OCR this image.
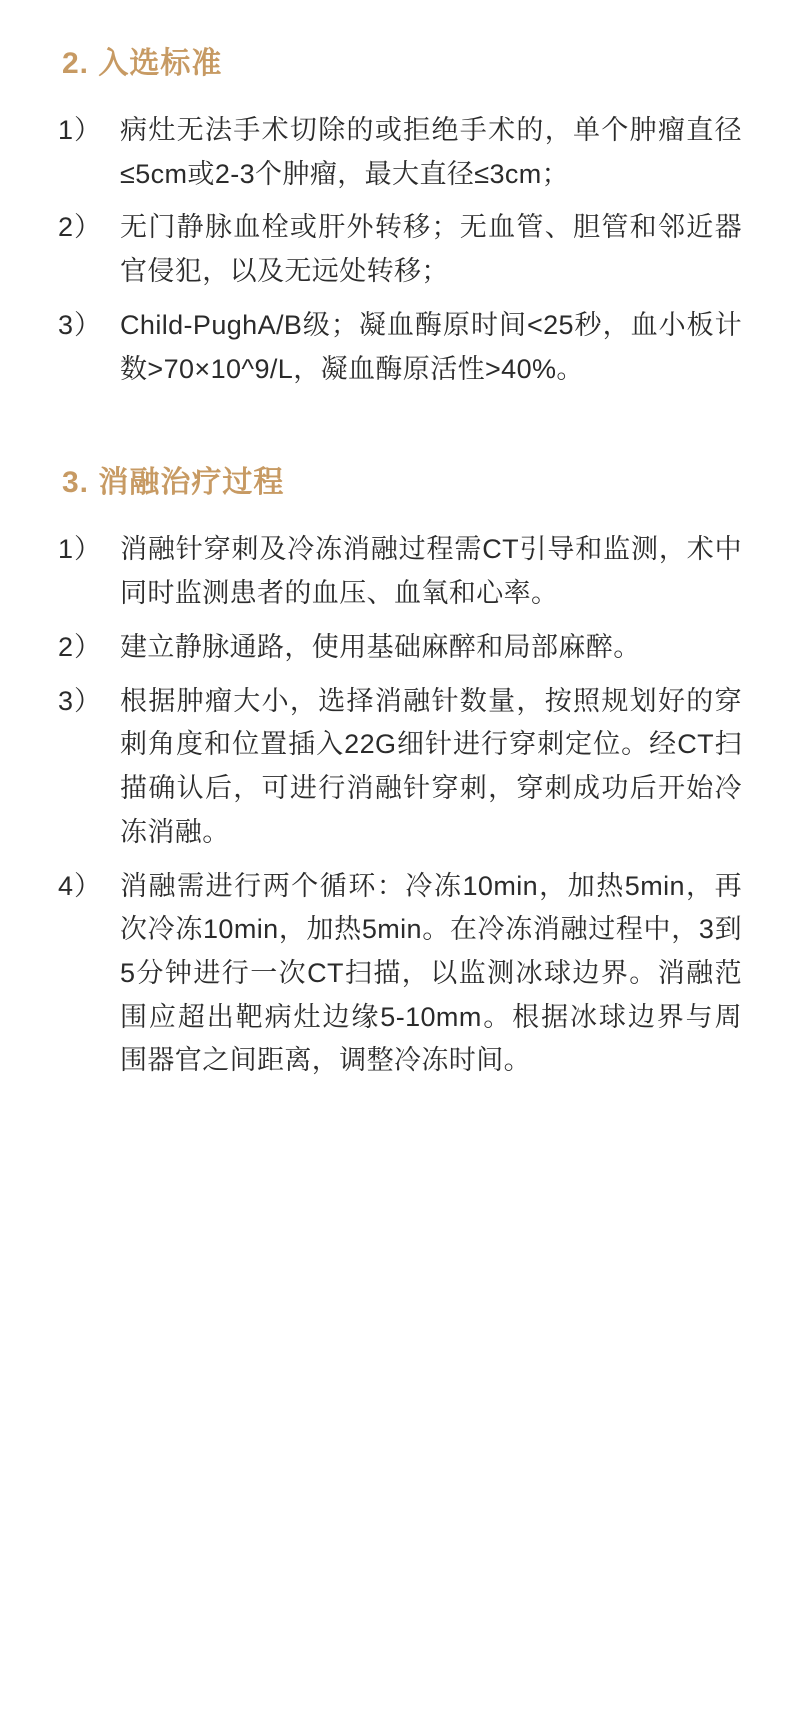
2. 入选标准
1） 病灶无法手术切除的或拒绝手术的，单个肿瘤直径≤5cm或2-3个肿瘤，最大直径≤3cm；
2） 无门静脉血栓或肝外转移；无血管、胆管和邻近器官侵犯，以及无远处转移；
3） Child-PughA/B级；凝血酶原时间<25秒，血小板计数>70×10^9/L，凝血酶原活性>40%。
3. 消融治疗过程
1） 消融针穿刺及冷冻消融过程需CT引导和监测，术中同时监测患者的血压、血氧和心率。
2） 建立静脉通路，使用基础麻醉和局部麻醉。
3） 根据肿瘤大小，选择消融针数量，按照规划好的穿刺角度和位置插入22G细针进行穿刺定位。经CT扫描确认后，可进行消融针穿刺，穿刺成功后开始冷冻消融。
4） 消融需进行两个循环：冷冻10min，加热5min，再次冷冻10min，加热5min。在冷冻消融过程中，3到5分钟进行一次CT扫描，以监测冰球边界。消融范围应超出靶病灶边缘5-10mm。根据冰球边界与周围器官之间距离，调整冷冻时间。
